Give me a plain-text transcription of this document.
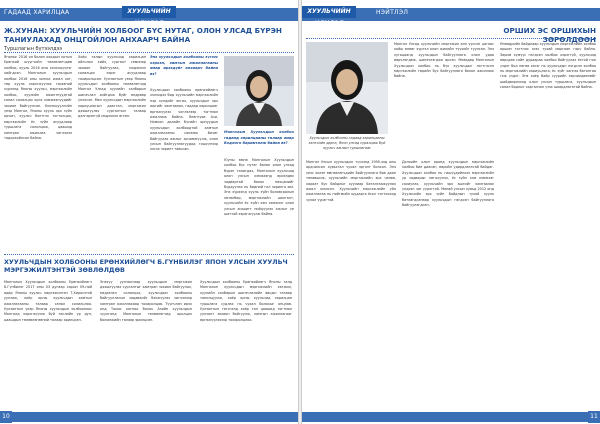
ГАДААД ХАРИЛЦАА	ХУУЛЬЧИЙН ИЛЧЛЭЛ
Ж.ХУНАН: ХУУЛЬЧИЙН ХОЛБООГ БҮС НУТАГ, ОЛОН УЛСАД БҮРЭН ТАНИУЛАХАД ОНЦГОЙЛОН АНХААРЧ БАЙНА
Туршлагын бүтээлдээ
Японыг 2016 он болон охидын хотын Ерөнхий шүүгчийн төлөөлөгчдөө холбоо, хууль 2016 оны хэлэлцүүлэг хийгдсэн. Монголын хуульчдын холбоо 2016 оны эхнээс ижил хот, төр хууль хэрэгжүүлэх гэрээний хүрээнд Японы хуульч, мэргэжлийн холбоо, хуулийн ажилтнуудтай санал солилцох арга хэмжээнүүдийг зохион байгуулсан. Хэлэлцүүлгийн үеэр Монгол, Японы хууль эрх зүйн орчин, хуульч бэлтгэх тогтолцоо, мэргэжлийн ёс зүйн асуудлаар туршлага солилцож, цаашид хамтран ажиллах чиглэлээ тодорхойлсон байна.
Хоёр талын хуульчид харилцан айлчлал хийх, сургалт семинар зохион байгуулах, мэдээлэл солилцох зэрэг асуудлаар тохиролцсон. Уулзалтын үеэр Японы хуульчдын холбооны төлөөлөгчид Монгол Улсад хуулийн салбарын шинэчлэл хийгдэж буйг өндрөөр үнэлсэн. Мөн хуульчдын мэргэжлийн хариуцлагын даатгал, мэргэжил дээшлүүлэх сургалтын талаар дэлгэрэнгүй мэдээлэл өгсөн.
Энэ хуульчдын холбооны зүгээс хэрхэн, хамтын ажиллагааны ямар ирээдүйг анхаарч байна вэ?
Хуульчдын холбооны ерөнхийлөгч хэлэхдээ бид хуульчийн мэргэжлийн нэр хүндийг өсгөх, хуульчдын эрх ашгийг хамгаалах, гадаад харилцааг өргөжүүлэх чиглэлээр тогтмол ажиллаж байна. Ялангуяа Ази, Номхон далайн бүсийн орнуудын хуульчдын холбоодтой хамтын ажиллагааны санамж бичиг байгуулах ажлыг эрчимжүүлж, олон улсын байгууллагуудад гишүүнээр элсэх зорилт тавьсан.
Монголын Хуульчдын холбоо гадаад харилцааны талаар ямар бодлого баримталж байна вэ?
Юуны өмнө Монголын Хуульчдын холбоо бүс нутаг болон олон улсад бүрэн танигдах, Монголын хуульчид олон улсын хэмжээнд өрсөлдөх чадвартай болох нөхцөлийг бүрдүүлэх нь бидний гол зорилго юм. Энэ хүрээнд хууль зүйн боловсролын хөтөлбөр, мэргэжлийн шалгалт, хуульчийн ёс зүйн хэм хэмжээг олон улсын жишигт нийцүүлэх ажлыг үе шаттай хэрэгжүүлж байна.
ХУУЛЬЧДЫН ХОЛБООНЫ ЕРӨНХИЙЛӨГЧ Б.ГҮНБИЛЭГ ЯПОН УЛСЫН ХУУЛЬЧ МЭРГЭЖИЛТЭНТЭЙ ЗӨВЛӨЛДӨВ
Монголын Хуульчдын холбооны Ерөнхийлөгч Б.Гүнбилэг 2017 оны 03 дугаар сарын 09-ний өдөр Японы хуульч мэргэжилтэн Т.Хиросэтэй уулзаж, хоёр орны хуульчдын хамтын ажиллагааны талаар санал солилцлоо. Уулзалтын үеэр Японы хуульчдын холбооноос Монголд хэрэгжүүлж буй төслийн үр дүн, цаашдын төлөвлөгөөний талаар ярилцсан.
Энэхүү уулзалтаар хуульчдын мэргэжил дээшлүүлэх сургалтыг хамтран зохион байгуулах, мэдээлэл солилцох, хуульчдын холбооны байгууллагын чадавхийг бэхжүүлэх чиглэлээр хамтран ажиллахаар тохиролцов. Түүнчлэн ирэх онд Токио хотноо болох Азийн хуульчдын чуулганд Монголын төлөөлөгчид оролцох боломжийн талаар ярилцсан.
Хуульчдын холбооны Ерөнхийлөгч Японы талд Монголын хуульчдын мэргэжлийн хөгжил, хуулийн салбарын шинэчлэлийн явцын талаар танилцуулж, хоёр орны хуульчид харилцан туршлага судлах нь чухал болохыг онцлов. Уулзалтын төгсгөлд хоёр тал цаашид тогтмол уулзалт зохион байгуулж, хамтын ажиллагааг өргөжүүлэхээр тохиролцлоо.
10
НЭЙТЛЭЛ
ХУУЛЬЧИЙН ИЛЧЛЭЛ
ОРШИХ ЭС ОРШИХЫН ЗӨРӨЛДӨӨН
Хуульчдын холбооны гадаад харилцааны хэлтсийн дарга, Япон улсад суралцаж буй хуульч ажлын туршлагаас
Монгол Улсад хуульчийн мэргэжил анх үүссэн цагаас хойш өнөөг хүртэл олон жилийн түүхийг туулсан. Энэ хугацаанд хуульчдын байгууллага олон удаа өөрчлөгдөж, шинэчлэгдэж ирсэн. Өнөөдөр Монголын Хуульчдын холбоо нь бүх хуульчдыг нэгтгэсэн мэргэжлийн төрийн бус байгууллага болон ажиллаж байна.
Монгол Улсын хуульчдын түүхэнд 1990-ээд оны ардчилсан хувьсгал чухал эргэлт болсон. Энэ үеэс эхлэн өмгөөлөгчдийн байгууллага бие даан төлөвшиж, хуульчийн мэргэжлийн эрх чөлөө, хараат бус байдлыг хуулиар баталгаажуулах ажил эхэлсэн. Хуульчийн мэргэжлийн үйл ажиллагаа нь нийгмийн шударга ёсыг тогтооход чухал үүрэгтэй.
Дэлхийн олон оронд хуульчдын мэргэжлийн холбоо бие даасан, өөрийн удирдлагатай байдаг. Хуульчдын холбоо нь гишүүдийнхээ мэргэжлийн ур чадварыг хөгжүүлэх, ёс зүйн хэм хэмжээг сахиулах, хуульчийн эрх ашгийг хамгаалах үндсэн чиг үүрэгтэй. Манай улсын хувьд 2012 онд Хуульчийн эрх зүйн байдлын тухай хууль батлагдсанаар хуульчдын нэгдсэн байгууллага байгуулагдсан.
Өнөөдрийн байдлаар хуульчдын мэргэжлийн холбоо оршин тогтнох эсэх тухай маргаан гарч байна. Зарим хүмүүс нэгдсэн холбоо хэрэггүй, хуульчид өөрсдөө сайн дураараа холбоо байгуулах ёстой гэж үздэг бол нөгөө хэсэг нь хуульчдын нэгдсэн холбоо нь мэргэжлийн хариуцлага, ёс зүйг хангах баталгаа гэж үздэг. Энэ хоёр байр суурийн зөрчилдөөнийг шийдвэрлэхэд олон улсын туршлага, хуульчдын санал бодлыг харгалзан үзэх шаардлагатай байна.
11
